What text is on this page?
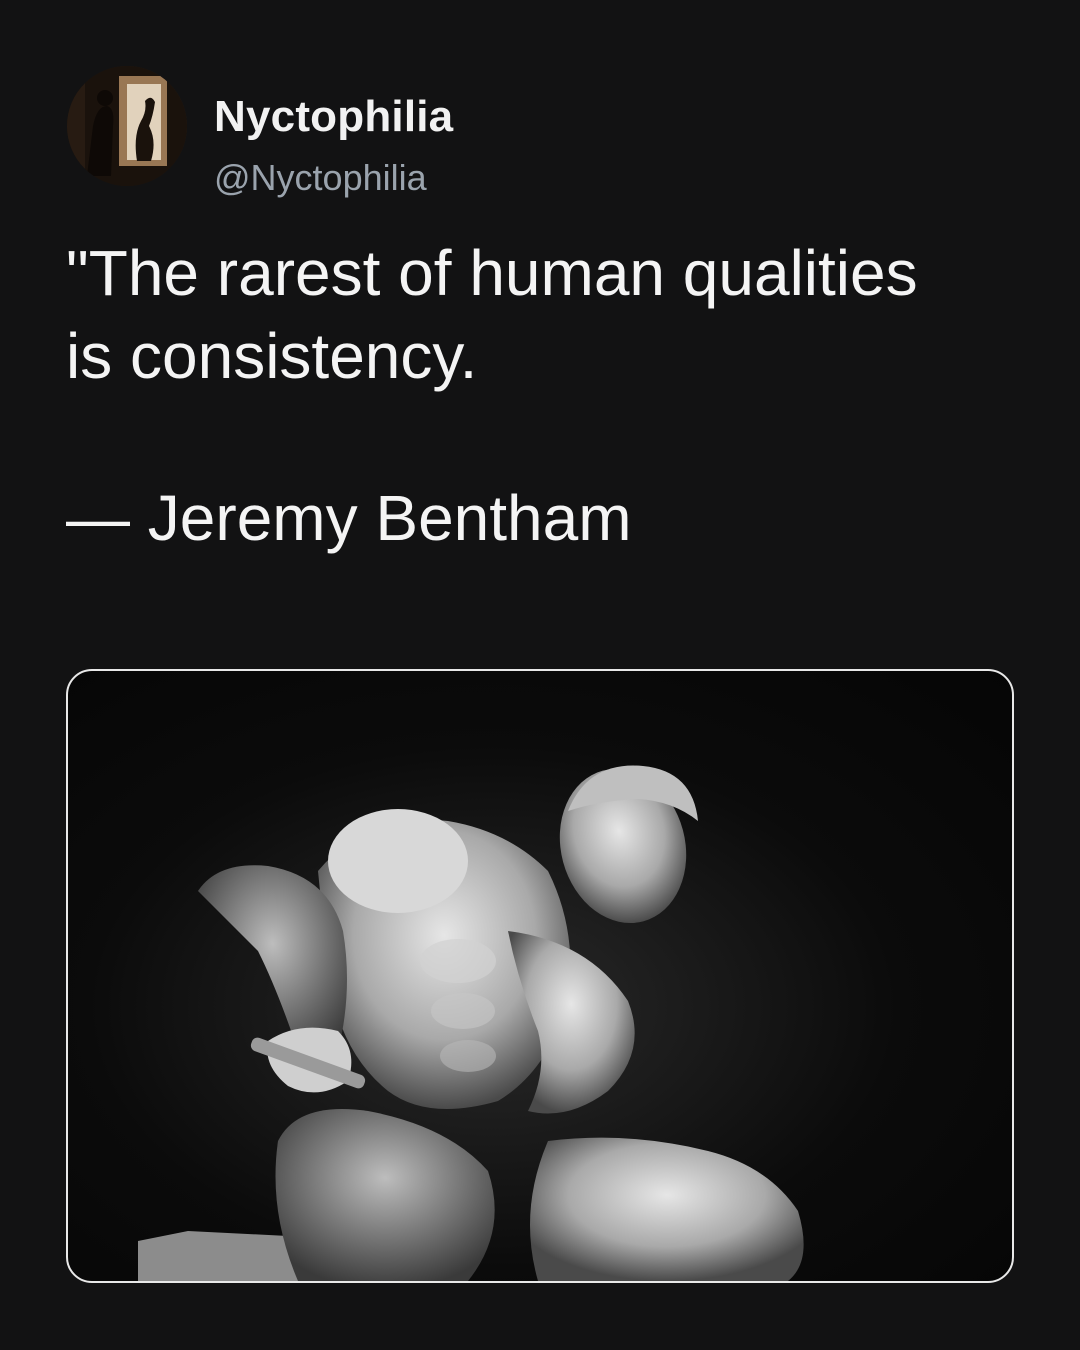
Nyctophilia
@Nyctophilia
"The rarest of human qualities
is consistency.
— Jeremy Bentham
